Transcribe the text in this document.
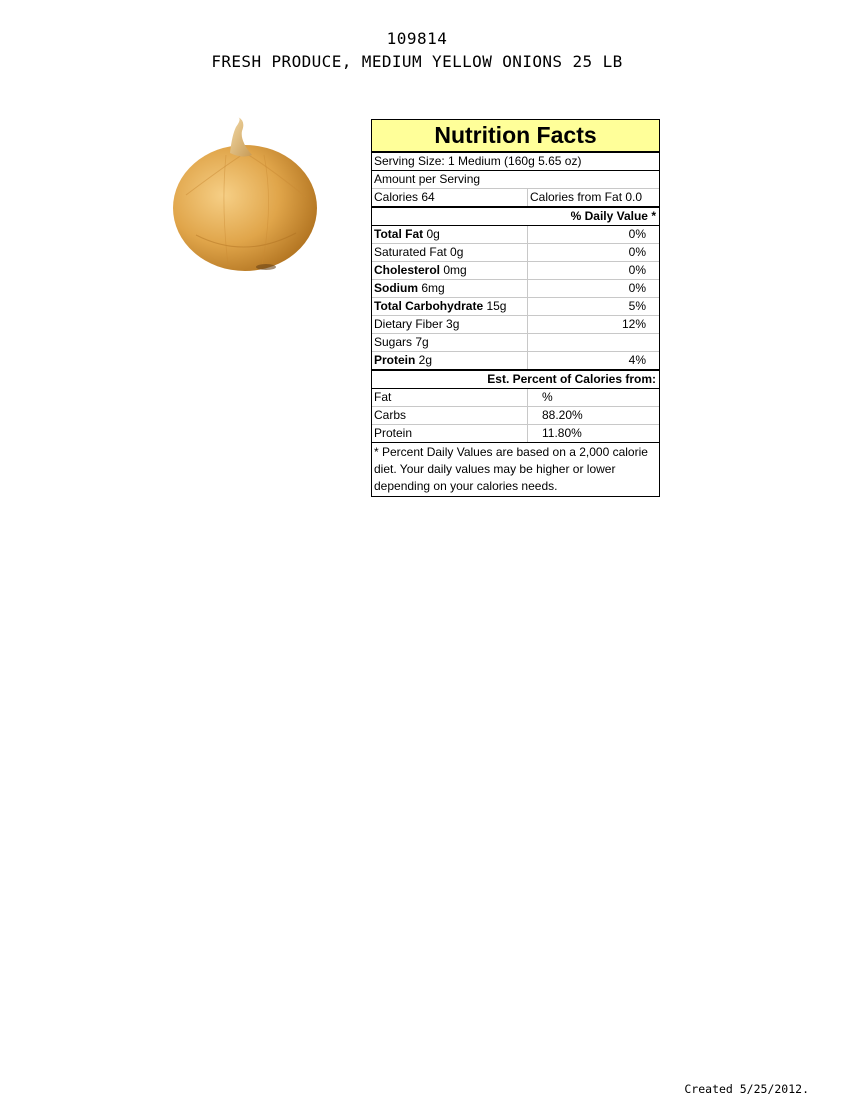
109814
FRESH PRODUCE, MEDIUM YELLOW ONIONS 25 LB
Nutrition Facts
Serving Size: 1 Medium (160g 5.65 oz)
Amount per Serving
Calories 64	Calories from Fat 0.0
% Daily Value *
Total Fat 0g	0%
Saturated Fat 0g	0%
Cholesterol 0mg	0%
Sodium 6mg	0%
Total Carbohydrate 15g	5%
Dietary Fiber 3g	12%
Sugars 7g
Protein 2g	4%
Est. Percent of Calories from:
Fat	%
Carbs	88.20%
Protein	11.80%
* Percent Daily Values are based on a 2,000 calorie diet. Your daily values may be higher or lower depending on your calories needs.
Created 5/25/2012.
